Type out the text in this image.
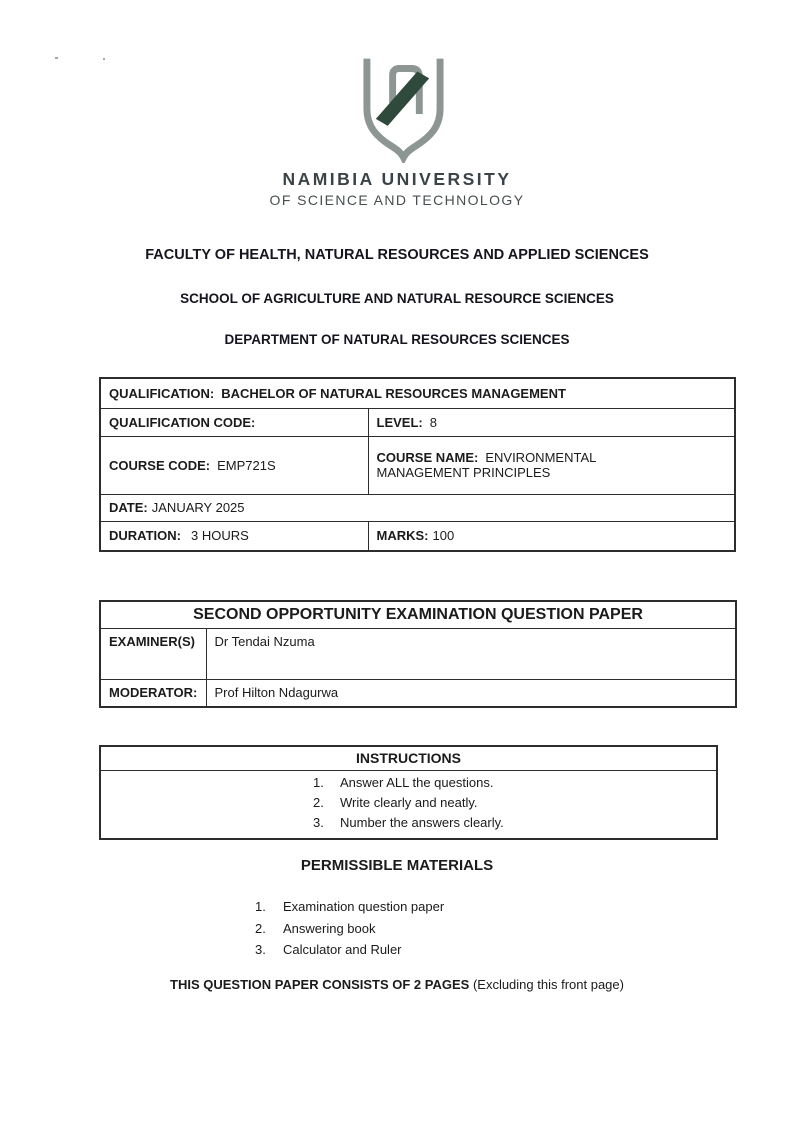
NAMIBIA UNIVERSITY
OF SCIENCE AND TECHNOLOGY
FACULTY OF HEALTH, NATURAL RESOURCES AND APPLIED SCIENCES
SCHOOL OF AGRICULTURE AND NATURAL RESOURCE SCIENCES
DEPARTMENT OF NATURAL RESOURCES SCIENCES
QUALIFICATION: BACHELOR OF NATURAL RESOURCES MANAGEMENT	
QUALIFICATION CODE:	LEVEL: 8
COURSE CODE: EMP721S	COURSE NAME: ENVIRONMENTAL MANAGEMENT PRINCIPLES
DATE: JANUARY 2025	
DURATION: 3 HOURS	MARKS: 100
SECOND OPPORTUNITY EXAMINATION QUESTION PAPER	
EXAMINER(S)	Dr Tendai Nzuma
MODERATOR:	Prof Hilton Ndagurwa
INSTRUCTIONS

Answer ALL the questions.
Write clearly and neatly.
Number the answers clearly.
PERMISSIBLE MATERIALS
Examination question paper
Answering book
Calculator and Ruler
THIS QUESTION PAPER CONSISTS OF 2 PAGES (Excluding this front page)
